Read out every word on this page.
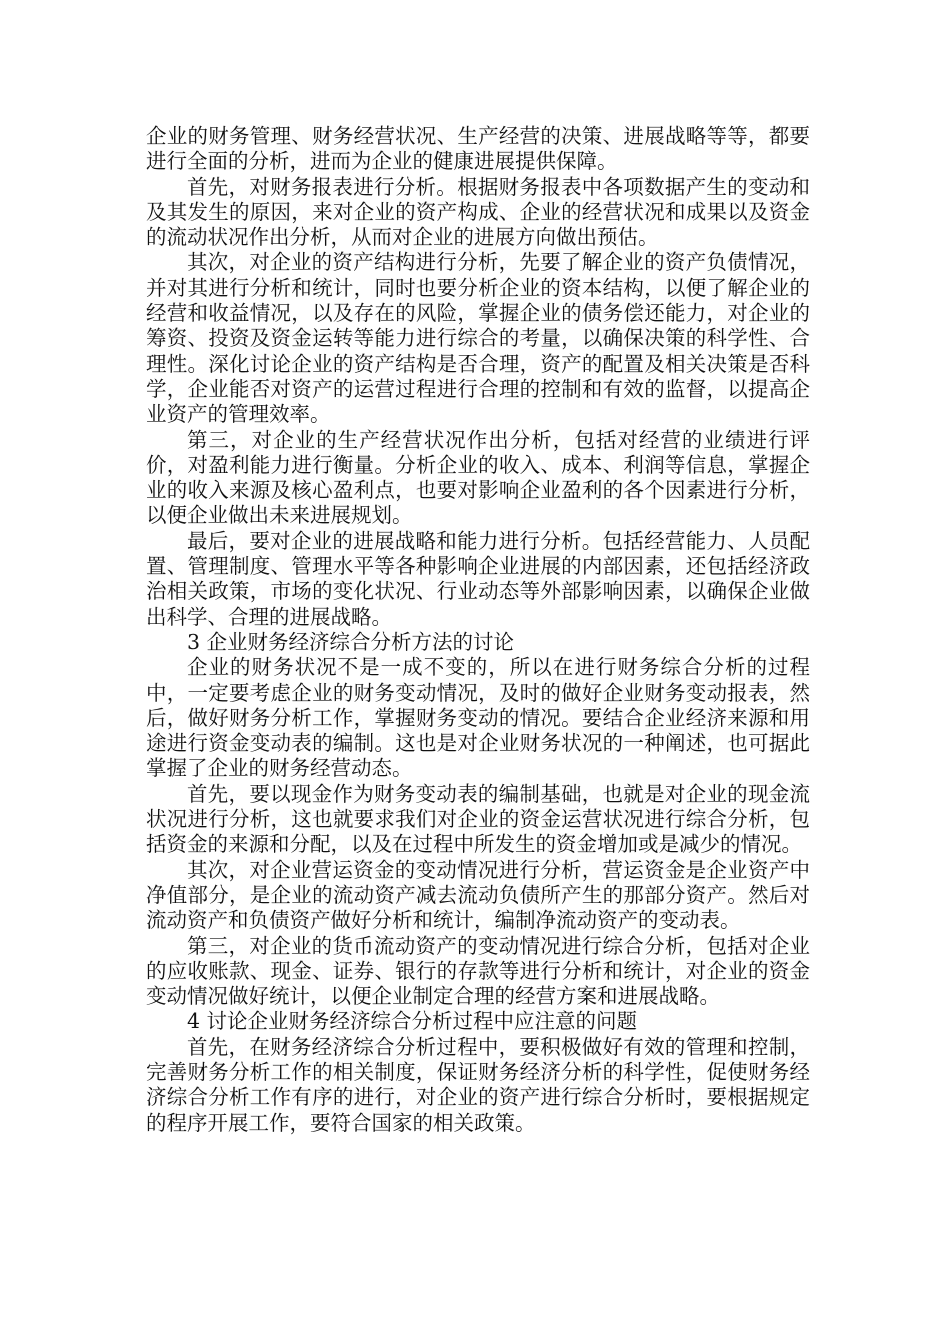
企业的财务管理、财务经营状况、生产经营的决策、进展战略等等，都要进行全面的分析，进而为企业的健康进展提供保障。

首先，对财务报表进行分析。根据财务报表中各项数据产生的变动和及其发生的原因，来对企业的资产构成、企业的经营状况和成果以及资金的流动状况作出分析，从而对企业的进展方向做出预估。

其次，对企业的资产结构进行分析，先要了解企业的资产负债情况，并对其进行分析和统计，同时也要分析企业的资本结构，以便了解企业的经营和收益情况，以及存在的风险，掌握企业的债务偿还能力，对企业的筹资、投资及资金运转等能力进行综合的考量，以确保决策的科学性、合理性。深化讨论企业的资产结构是否合理，资产的配置及相关决策是否科学，企业能否对资产的运营过程进行合理的控制和有效的监督，以提高企业资产的管理效率。

第三，对企业的生产经营状况作出分析，包括对经营的业绩进行评价，对盈利能力进行衡量。分析企业的收入、成本、利润等信息，掌握企业的收入来源及核心盈利点，也要对影响企业盈利的各个因素进行分析，以便企业做出未来进展规划。

最后，要对企业的进展战略和能力进行分析。包括经营能力、人员配置、管理制度、管理水平等各种影响企业进展的内部因素，还包括经济政治相关政策，市场的变化状况、行业动态等外部影响因素，以确保企业做出科学、合理的进展战略。

3 企业财务经济综合分析方法的讨论

企业的财务状况不是一成不变的，所以在进行财务综合分析的过程中，一定要考虑企业的财务变动情况，及时的做好企业财务变动报表，然后，做好财务分析工作，掌握财务变动的情况。要结合企业经济来源和用途进行资金变动表的编制。这也是对企业财务状况的一种阐述，也可据此掌握了企业的财务经营动态。

首先，要以现金作为财务变动表的编制基础，也就是对企业的现金流状况进行分析，这也就要求我们对企业的资金运营状况进行综合分析，包括资金的来源和分配，以及在过程中所发生的资金增加或是减少的情况。

其次，对企业营运资金的变动情况进行分析，营运资金是企业资产中净值部分，是企业的流动资产减去流动负债所产生的那部分资产。然后对流动资产和负债资产做好分析和统计，编制净流动资产的变动表。

第三，对企业的货币流动资产的变动情况进行综合分析，包括对企业的应收账款、现金、证券、银行的存款等进行分析和统计，对企业的资金变动情况做好统计，以便企业制定合理的经营方案和进展战略。

4 讨论企业财务经济综合分析过程中应注意的问题

首先，在财务经济综合分析过程中，要积极做好有效的管理和控制，完善财务分析工作的相关制度，保证财务经济分析的科学性，促使财务经济综合分析工作有序的进行，对企业的资产进行综合分析时，要根据规定的程序开展工作，要符合国家的相关政策。
